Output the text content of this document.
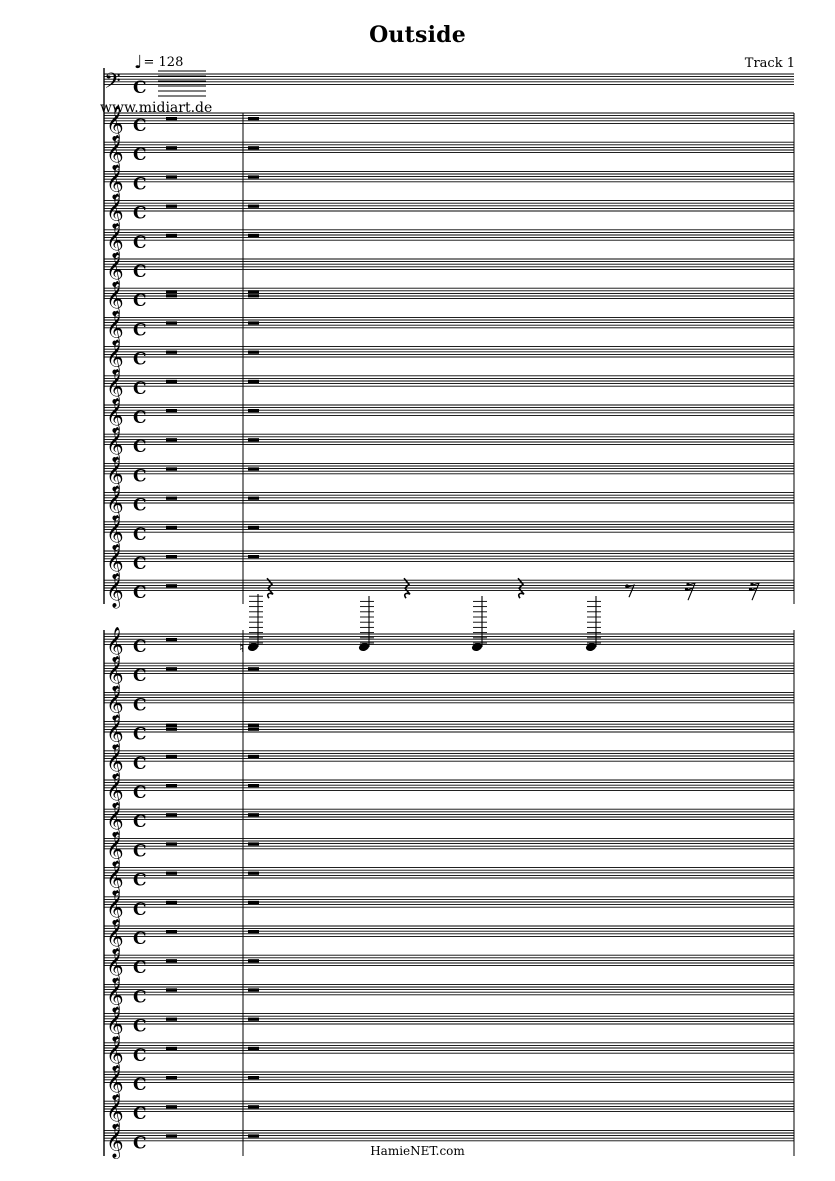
Outside
Track 1
♩= 128
𝄢 C
𝄞 C
𝄞 C
𝄞 C
𝄞 C
𝄞 C
𝄞 C
𝄞 C
𝄞 C
𝄞 C
𝄞 C
𝄞 C
𝄞 C
𝄞 C
𝄞 C
𝄞 C
𝄞 C
𝄞 C
𝄞 C
𝄞 C
𝄞 C
𝄞 C
𝄞 C
𝄞 C
𝄞 C
𝄞 C
𝄞 C
𝄞 C
𝄞 C
𝄞 C
𝄞 C
𝄞 C
𝄞 C
𝄞 C
𝄞 C
𝄞 C
♮
www.midiart.de
HamieNET.com
